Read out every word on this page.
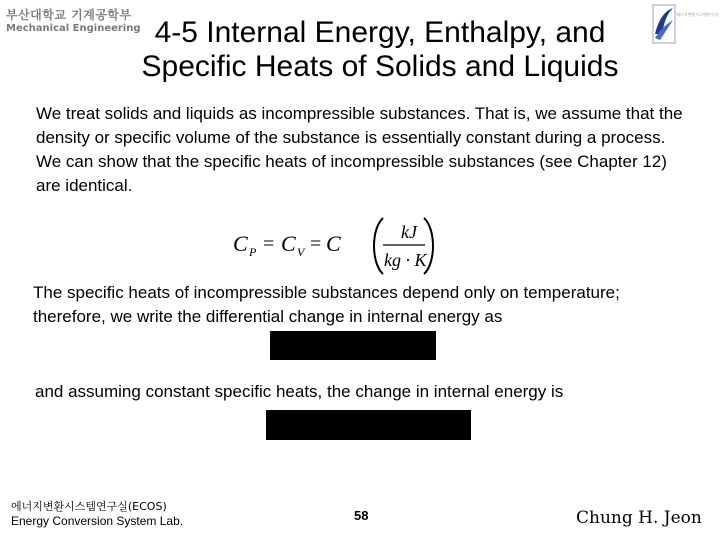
부산대학교 기계공학부
Mechanical Engineering
에너지변환시스템연구실
4-5 Internal Energy, Enthalpy, and
Specific Heats of Solids and Liquids
We treat solids and liquids as incompressible substances. That is, we assume that the density or specific volume of the substance is essentially constant during a process. We can show that the specific heats of incompressible substances (see Chapter 12) are identical.
C P = C V = C	kJ
kg · K
The specific heats of incompressible substances depend only on temperature; therefore, we write the differential change in internal energy as
and assuming constant specific heats, the change in internal energy is
에너지변환시스템연구실(ECOS)
Energy Conversion System Lab.	58	Chung H. Jeon
